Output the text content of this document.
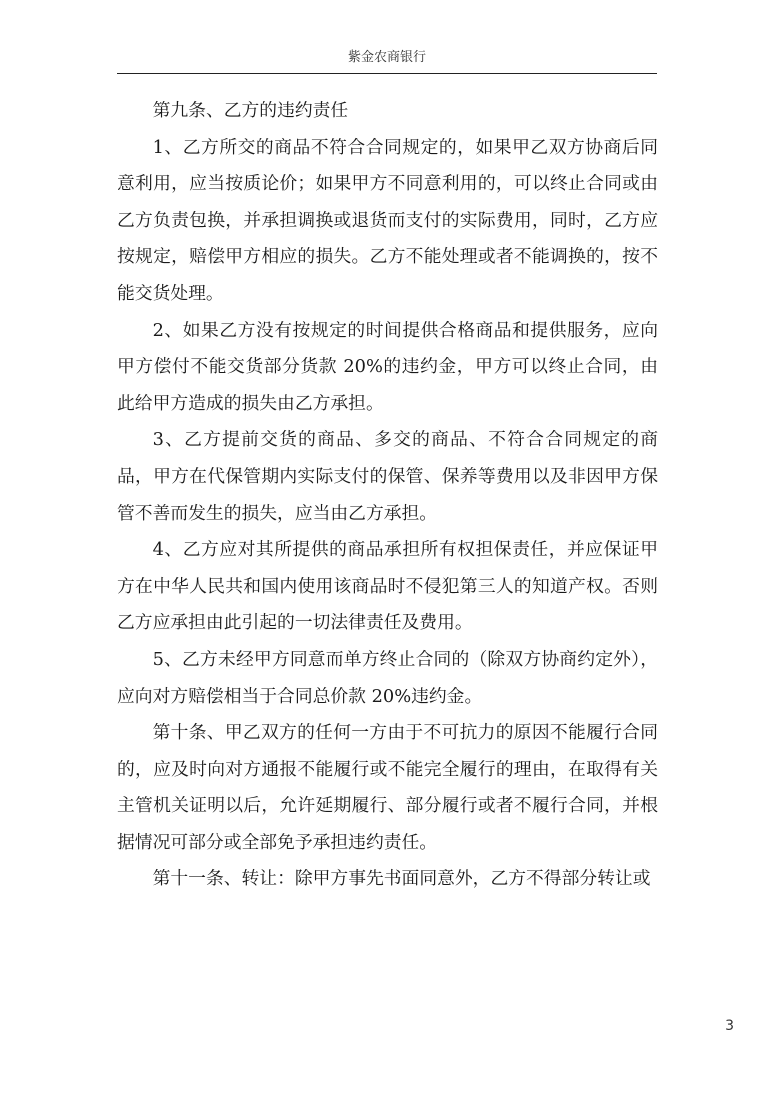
紫金农商银行

第九条、乙方的违约责任

1、乙方所交的商品不符合合同规定的，如果甲乙双方协商后同意利用，应当按质论价；如果甲方不同意利用的，可以终止合同或由乙方负责包换，并承担调换或退货而支付的实际费用，同时，乙方应按规定，赔偿甲方相应的损失。乙方不能处理或者不能调换的，按不能交货处理。

2、如果乙方没有按规定的时间提供合格商品和提供服务，应向甲方偿付不能交货部分货款 20%的违约金，甲方可以终止合同，由此给甲方造成的损失由乙方承担。

3、乙方提前交货的商品、多交的商品、不符合合同规定的商品，甲方在代保管期内实际支付的保管、保养等费用以及非因甲方保管不善而发生的损失，应当由乙方承担。

4、乙方应对其所提供的商品承担所有权担保责任，并应保证甲方在中华人民共和国内使用该商品时不侵犯第三人的知道产权。否则乙方应承担由此引起的一切法律责任及费用。

5、乙方未经甲方同意而单方终止合同的（除双方协商约定外），应向对方赔偿相当于合同总价款 20%违约金。

第十条、甲乙双方的任何一方由于不可抗力的原因不能履行合同的，应及时向对方通报不能履行或不能完全履行的理由，在取得有关主管机关证明以后，允许延期履行、部分履行或者不履行合同，并根据情况可部分或全部免予承担违约责任。

第十一条、转让：除甲方事先书面同意外，乙方不得部分转让或

3
